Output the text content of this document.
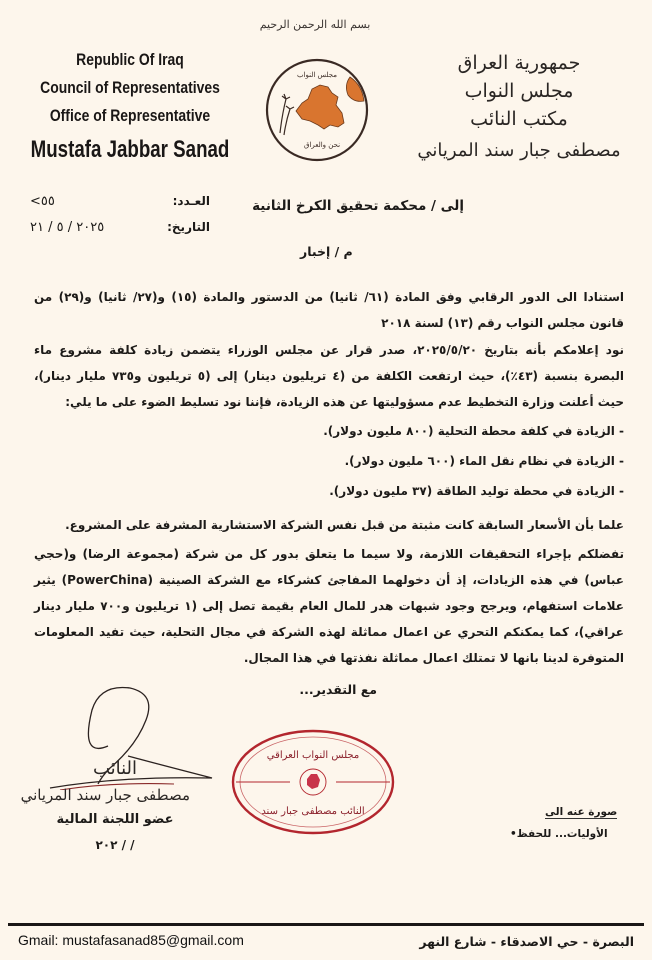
Republic Of Iraq
Council of Representatives
Office of Representative
Mustafa Jabbar Sanad
بسم الله الرحمن الرحيم
مجلس النواب
نحن والعراق
جمهورية العراق
مجلس النواب
مكتب النائب
مصطفى جبار سند المرياني
إلى / محكمة تحقيق الكرخ الثانية
العـدد:
<٥٥
التاريخ:
٢٠٢٥ / ٥ / ٢١
م / إخبار
استنادا الى الدور الرقابي وفق المادة (٦١/ ثانيا) من الدستور والمادة (١٥) و(٢٧/ ثانيا) و(٢٩) من قانون مجلس النواب رقم (١٣) لسنة ٢٠١٨
نود إعلامكم بأنه بتاريخ ٢٠٢٥/٥/٢٠، صدر قرار عن مجلس الوزراء يتضمن زيادة كلفة مشروع ماء البصرة بنسبة (٤٣٪)، حيث ارتفعت الكلفة من (٤ تريليون دينار) إلى (٥ تريليون و٧٣٥ مليار دينار)، حيث أعلنت وزارة التخطيط عدم مسؤوليتها عن هذه الزيادة، فإننا نود تسليط الضوء على ما يلي:
- الزيادة في كلفة محطة التحلية (٨٠٠ مليون دولار).
- الزيادة في نظام نقل الماء (٦٠٠ مليون دولار).
- الزيادة في محطة توليد الطاقة (٣٧ مليون دولار).
علما بأن الأسعار السابقة كانت مثبتة من قبل نفس الشركة الاستشارية المشرفة على المشروع.
تفضلكم بإجراء التحقيقات اللازمة، ولا سيما ما يتعلق بدور كل من شركة (مجموعة الرضا) و(حجي عباس) في هذه الزيادات، إذ أن دخولهما المفاجئ كشركاء مع الشركة الصينية (PowerChina) يثير علامات استفهام، ويرجح وجود شبهات هدر للمال العام بقيمة تصل إلى (١ تريليون و٧٠٠ مليار دينار عراقي)، كما يمكنكم التحري عن اعمال مماثلة لهذه الشركة في مجال التحلية، حيث تفيد المعلومات المتوفرة لدينا بانها لا تمتلك اعمال مماثلة نفذتها في هذا المجال.
مع التقدير...
النائب
مصطفى جبار سند المرياني
عضو اللجنة المالية
٢٠٢ / /
مجلس النواب العراقي
النائب مصطفى جبار سند	صورة عنه الى
الأوليات... للحفظ•
Gmail: mustafasanad85@gmail.com	البصرة - حي الاصدقاء - شارع النهر
